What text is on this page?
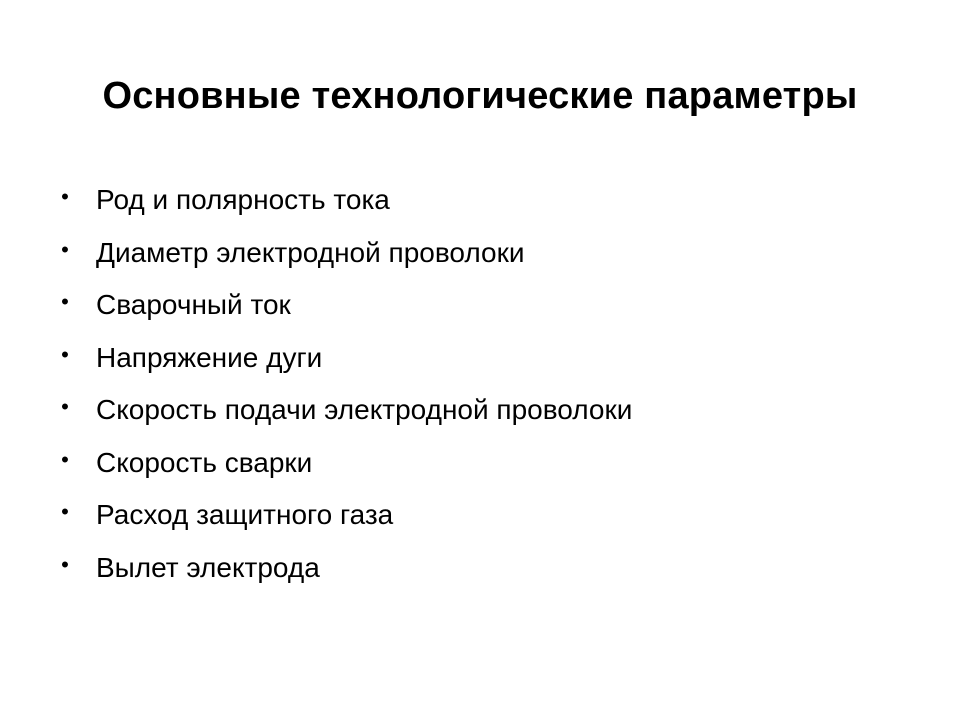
Основные технологические параметры
• Род и полярность тока
• Диаметр электродной проволоки
• Сварочный ток
• Напряжение дуги
• Скорость подачи электродной проволоки
• Скорость сварки
• Расход защитного газа
• Вылет электрода
